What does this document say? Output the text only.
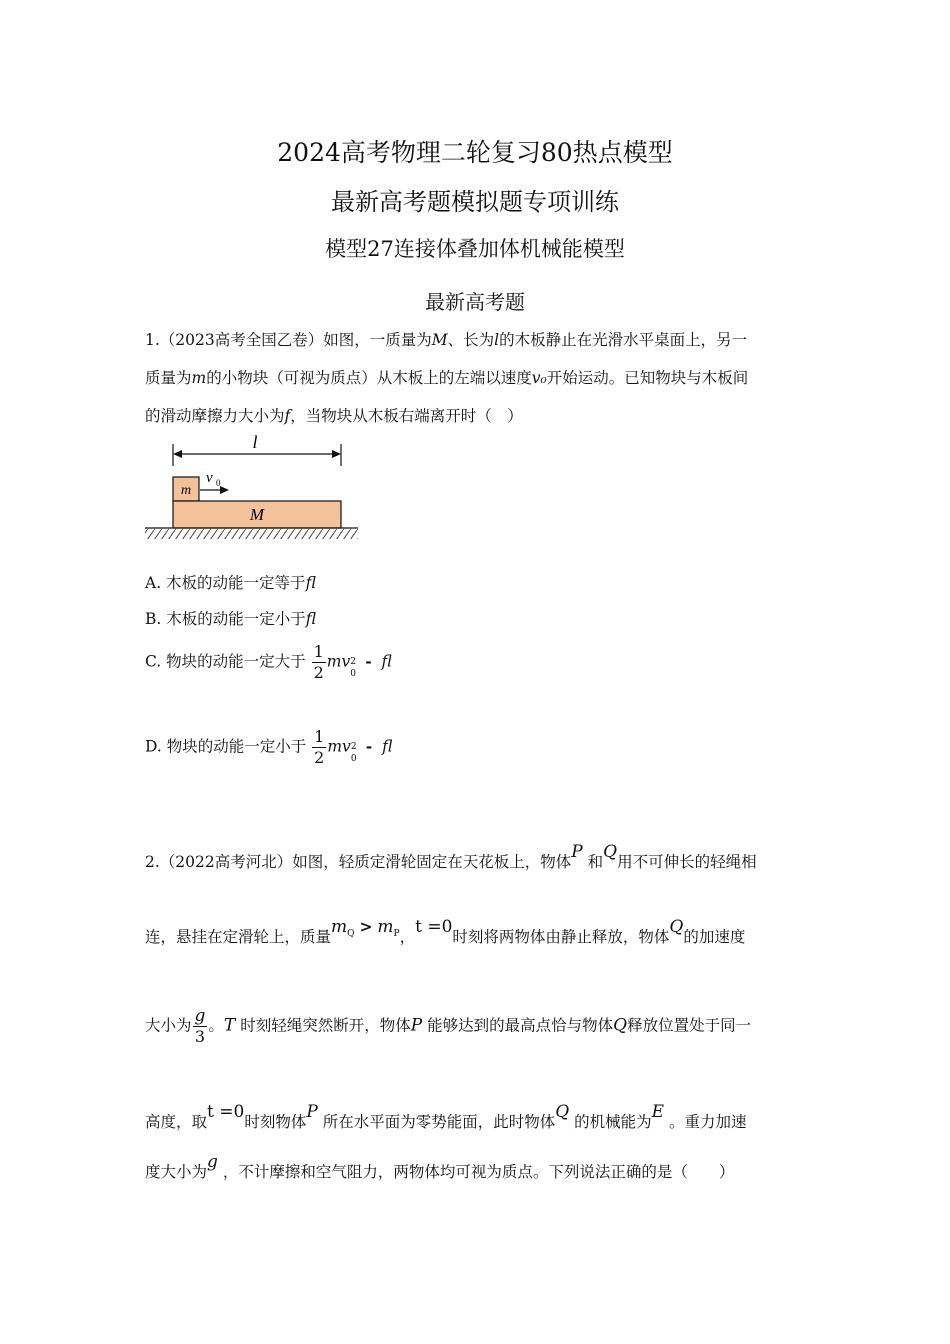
2024高考物理二轮复习80热点模型
最新高考题模拟题专项训练
模型27连接体叠加体机械能模型
最新高考题
1.（2023高考全国乙卷）如图，一质量为M、长为l的木板静止在光滑水平桌面上，另一
质量为m的小物块（可视为质点）从木板上的左端以速度v₀开始运动。已知物块与木板间
的滑动摩擦力大小为f，当物块从木板右端离开时（　）
l
m
v 0
M
A. 木板的动能一定等于fl
B. 木板的动能一定小于fl
C. 物块的动能一定大于 $\frac{1}{2}$ mv 2
0
- fl
D. 物块的动能一定小于 $\frac{1}{2}$ mv 2
0
- fl
2.（2022高考河北）如图，轻质定滑轮固定在天花板上，物体P 和Q用不可伸长的轻绳相
连，悬挂在定滑轮上，质量$m_Q > m_P$，t =0时刻将两物体由静止释放，物体Q的加速度
大小为 $\frac{g}{3}$ 。T 时刻轻绳突然断开，物体P 能够达到的最高点恰与物体Q释放位置处于同一
高度，取t =0时刻物体P 所在水平面为零势能面，此时物体Q 的机械能为E 。重力加速
度大小为g ，不计摩擦和空气阻力，两物体均可视为质点。下列说法正确的是（　　）
